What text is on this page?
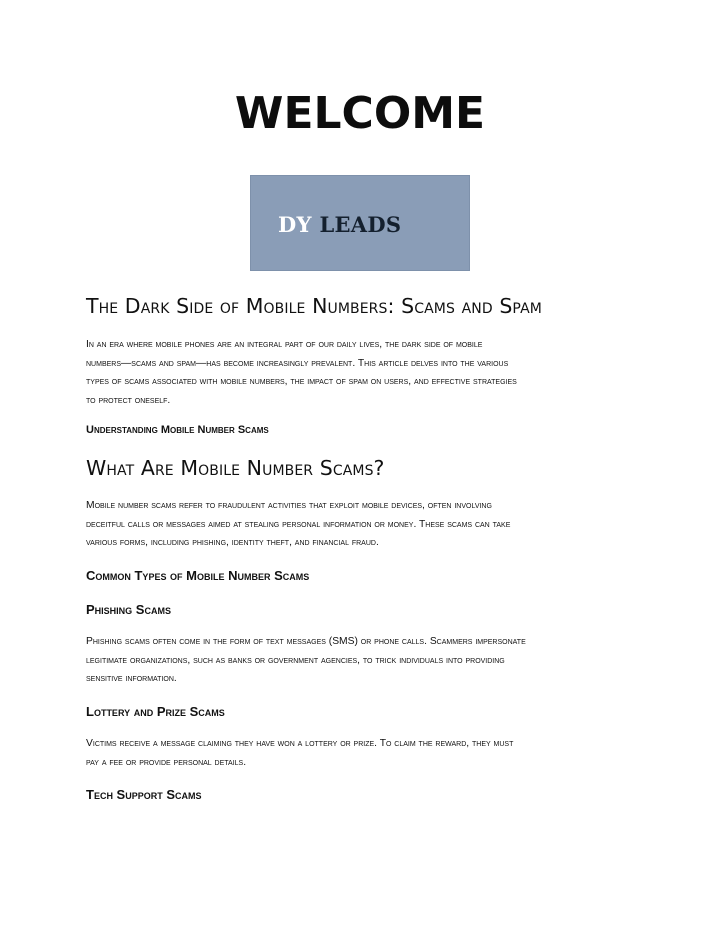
WELCOME
DY LEADS
The Dark Side of Mobile Numbers: Scams and Spam
In an era where mobile phones are an integral part of our daily lives, the dark side of mobile
numbers—scams and spam—has become increasingly prevalent. This article delves into the various
types of scams associated with mobile numbers, the impact of spam on users, and effective strategies
to protect oneself.
Understanding Mobile Number Scams
What Are Mobile Number Scams?
Mobile number scams refer to fraudulent activities that exploit mobile devices, often involving
deceitful calls or messages aimed at stealing personal information or money. These scams can take
various forms, including phishing, identity theft, and financial fraud.
Common Types of Mobile Number Scams
Phishing Scams
Phishing scams often come in the form of text messages (SMS) or phone calls. Scammers impersonate
legitimate organizations, such as banks or government agencies, to trick individuals into providing
sensitive information.
Lottery and Prize Scams
Victims receive a message claiming they have won a lottery or prize. To claim the reward, they must
pay a fee or provide personal details.
Tech Support Scams
